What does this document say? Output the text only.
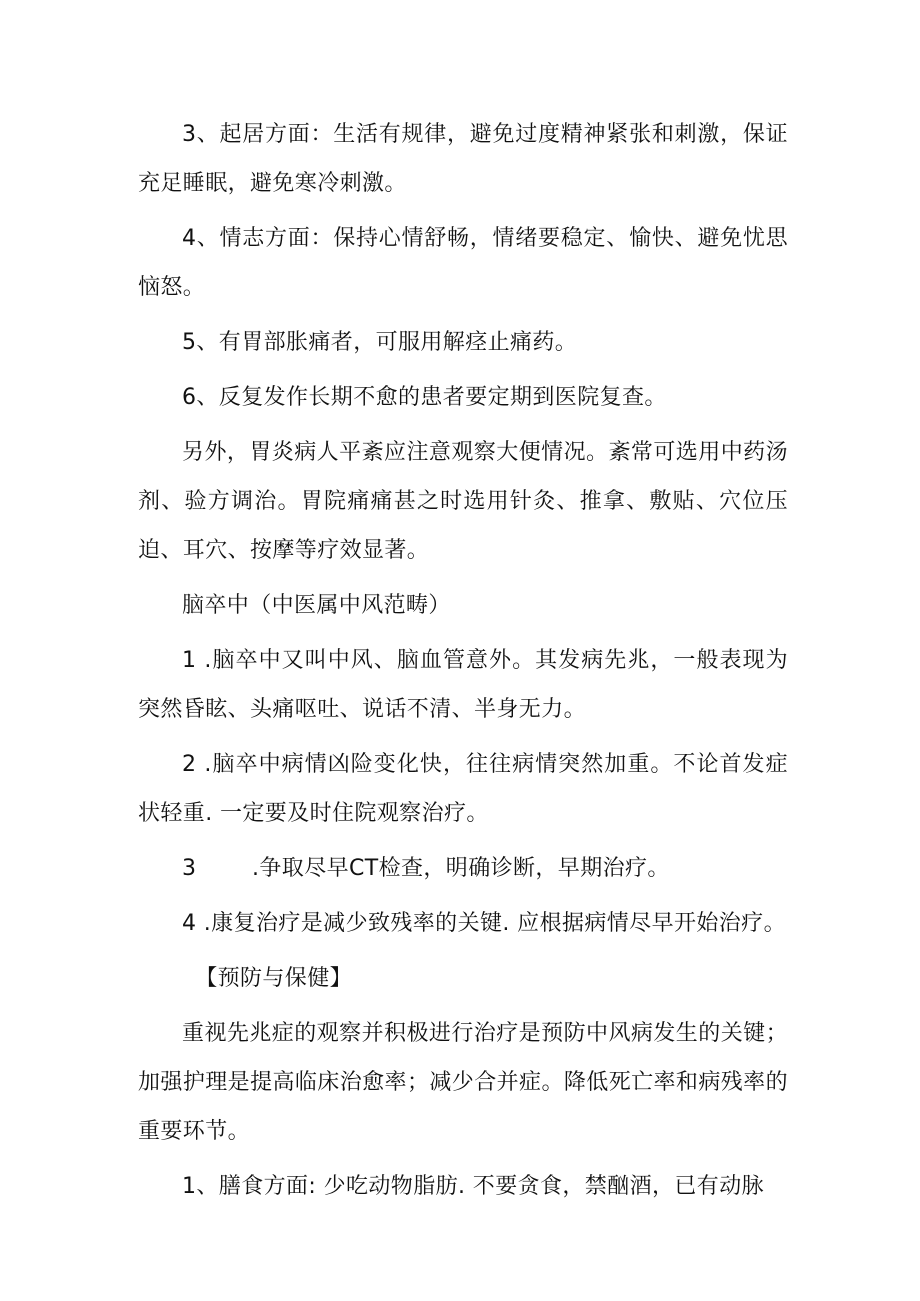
3、起居方面：生活有规律，避免过度精神紧张和刺激，保证充足睡眠，避免寒冷刺激。

4、情志方面：保持心情舒畅，情绪要稳定、愉快、避免忧思恼怒。

5、有胃部胀痛者，可服用解痉止痛药。

6、反复发作长期不愈的患者要定期到医院复查。

另外，胃炎病人平紊应注意观察大便情况。紊常可选用中药汤剂、验方调治。胃院痛痛甚之时选用针灸、推拿、敷贴、穴位压迫、耳穴、按摩等疗效显著。

脑卒中（中医属中风范畴）

1 .脑卒中又叫中风、脑血管意外。其发病先兆，一般表现为突然昏眩、头痛呕吐、说话不清、半身无力。

2 .脑卒中病情凶险变化快，往往病情突然加重。不论首发症状轻重. 一定要及时住院观察治疗。

3	.争取尽早CT检查，明确诊断，早期治疗。

4 .康复治疗是减少致残率的关键. 应根据病情尽早开始治疗。

【预防与保健】

重视先兆症的观察并积极进行治疗是预防中风病发生的关键；加强护理是提高临床治愈率；减少合并症。降低死亡率和病残率的重要环节。

1、膳食方面: 少吃动物脂肪. 不要贪食，禁酗酒，已有动脉
